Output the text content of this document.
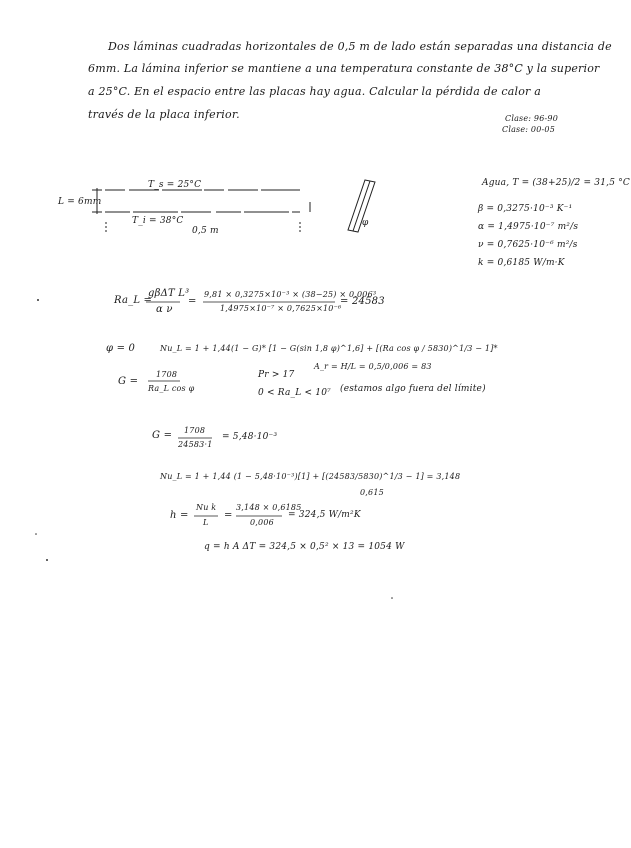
Dos láminas cuadradas horizontales de 0,5 m de lado están separadas una distancia de
6mm. La lámina inferior se mantiene a una temperatura constante de 38°C y la superior
a 25°C. En el espacio entre las placas hay agua. Calcular la pérdida de calor a
través de la placa inferior.	Clase: 96-90
Clase: 00-05
T_s = 25°C
T_i = 38°C
L = 6mm
0,5 m
φ
Agua, T = (38+25)/2 = 31,5 °C
β = 0,3275·10⁻³ K⁻¹
α = 1,4975·10⁻⁷ m²/s
ν = 0,7625·10⁻⁶ m²/s
k = 0,6185 W/m·K
Ra_L =
gβΔT L³
α ν
=
9,81 × 0,3275×10⁻³ × (38−25) × 0,006³
1,4975×10⁻⁷ × 0,7625×10⁻⁶
= 24583
φ = 0	Nu_L = 1 + 1,44(1 − G)* [1 − G(sin 1,8 φ)^1,6] + [(Ra cos φ / 5830)^1/3 − 1]*
G =
1708
Ra_L cos φ
Pr > 17
A_r = H/L = 0,5/0,006 = 83
0 < Ra_L < 10⁷ (estamos algo fuera del límite)
G = 1708
24583·1
= 5,48·10⁻³
Nu_L = 1 + 1,44 (1 − 5,48·10⁻³)[1] + [(24583/5830)^1/3 − 1] = 3,148
0,615
h =
Nu k
L
=
3,148 × 0,6185
0,006
= 324,5 W/m²K
q = h A ΔT = 324,5 × 0,5² × 13 = 1054 W
